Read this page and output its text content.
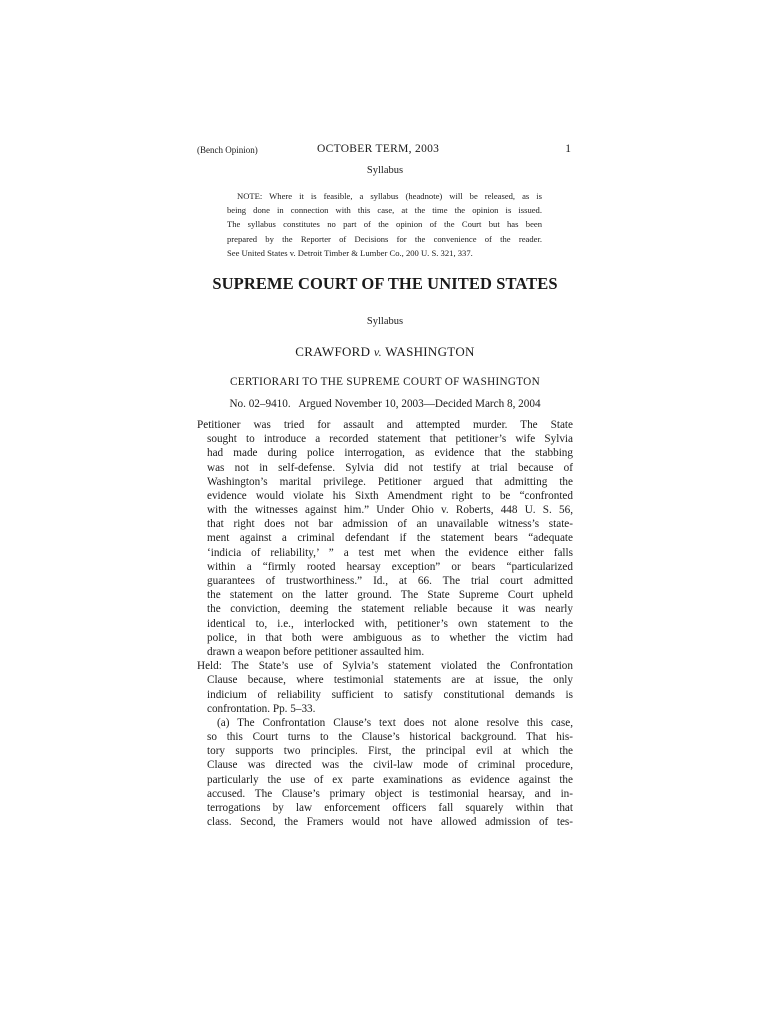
(Bench Opinion)	OCTOBER TERM, 2003	1
Syllabus
NOTE: Where it is feasible, a syllabus (headnote) will be released, as is
being done in connection with this case, at the time the opinion is issued.
The syllabus constitutes no part of the opinion of the Court but has been
prepared by the Reporter of Decisions for the convenience of the reader.
See United States v. Detroit Timber & Lumber Co., 200 U. S. 321, 337.
SUPREME COURT OF THE UNITED STATES
Syllabus
CRAWFORD v. WASHINGTON
CERTIORARI TO THE SUPREME COURT OF WASHINGTON
No. 02–9410.   Argued November 10, 2003—Decided March 8, 2004
Petitioner was tried for assault and attempted murder. The State
sought to introduce a recorded statement that petitioner’s wife Sylvia
had made during police interrogation, as evidence that the stabbing
was not in self-defense. Sylvia did not testify at trial because of
Washington’s marital privilege. Petitioner argued that admitting the
evidence would violate his Sixth Amendment right to be “confronted
with the witnesses against him.” Under Ohio v. Roberts, 448 U. S. 56,
that right does not bar admission of an unavailable witness’s state-
ment against a criminal defendant if the statement bears “adequate
‘indicia of reliability,’ ” a test met when the evidence either falls
within a “firmly rooted hearsay exception” or bears “particularized
guarantees of trustworthiness.” Id., at 66. The trial court admitted
the statement on the latter ground. The State Supreme Court upheld
the conviction, deeming the statement reliable because it was nearly
identical to, i.e., interlocked with, petitioner’s own statement to the
police, in that both were ambiguous as to whether the victim had
drawn a weapon before petitioner assaulted him.
Held: The State’s use of Sylvia’s statement violated the Confrontation
Clause because, where testimonial statements are at issue, the only
indicium of reliability sufficient to satisfy constitutional demands is
confrontation. Pp. 5–33.
(a) The Confrontation Clause’s text does not alone resolve this case,
so this Court turns to the Clause’s historical background. That his-
tory supports two principles. First, the principal evil at which the
Clause was directed was the civil-law mode of criminal procedure,
particularly the use of ex parte examinations as evidence against the
accused. The Clause’s primary object is testimonial hearsay, and in-
terrogations by law enforcement officers fall squarely within that
class. Second, the Framers would not have allowed admission of tes-
